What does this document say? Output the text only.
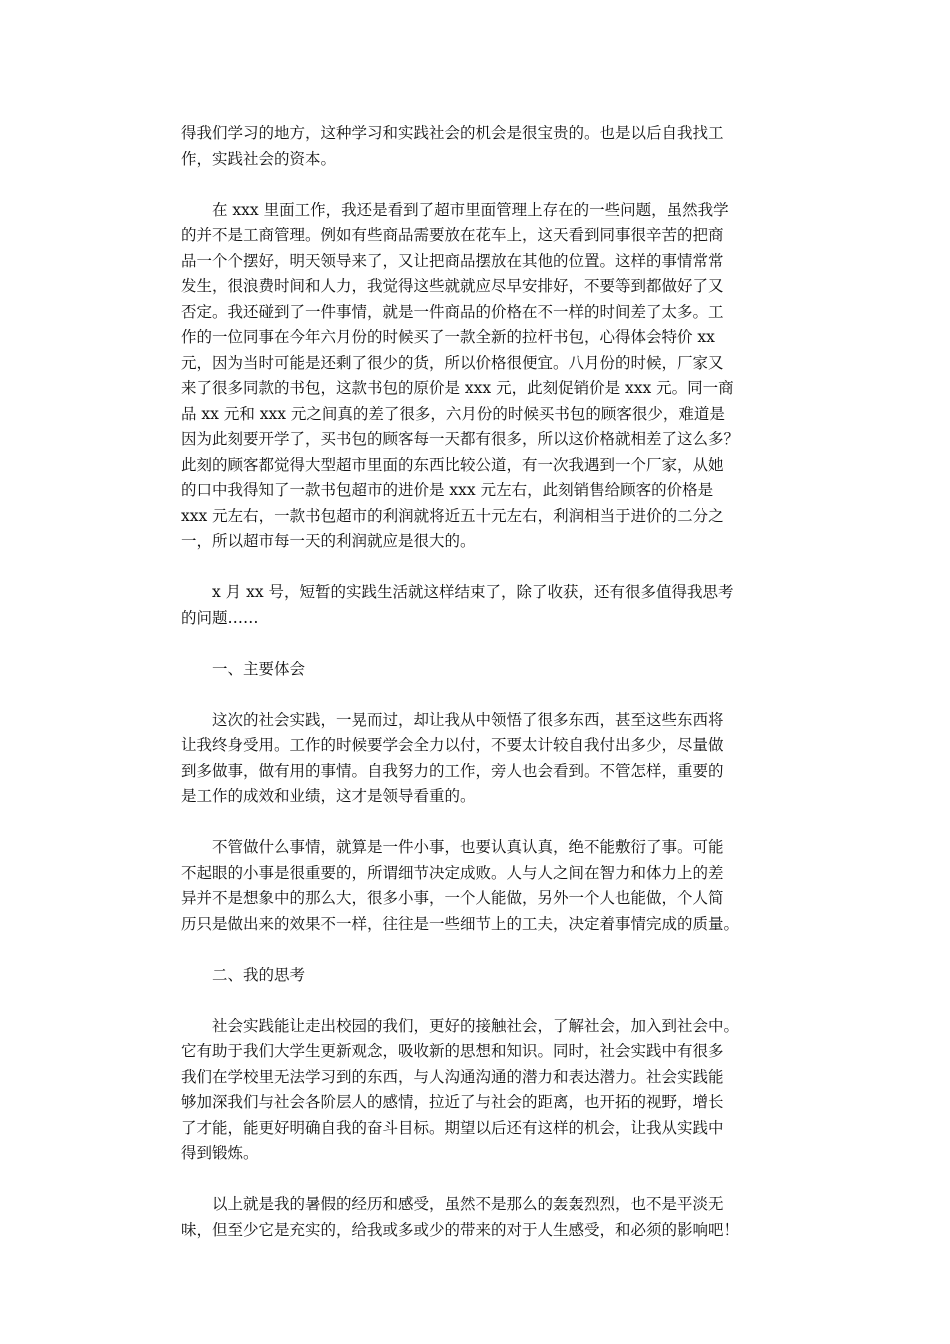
得我们学习的地方，这种学习和实践社会的机会是很宝贵的。也是以后自我找工
作，实践社会的资本。

　　在 xxx 里面工作，我还是看到了超市里面管理上存在的一些问题，虽然我学
的并不是工商管理。例如有些商品需要放在花车上，这天看到同事很辛苦的把商
品一个个摆好，明天领导来了，又让把商品摆放在其他的位置。这样的事情常常
发生，很浪费时间和人力，我觉得这些就就应尽早安排好，不要等到都做好了又
否定。我还碰到了一件事情，就是一件商品的价格在不一样的时间差了太多。工
作的一位同事在今年六月份的时候买了一款全新的拉杆书包，心得体会特价 xx
元，因为当时可能是还剩了很少的货，所以价格很便宜。八月份的时候，厂家又
来了很多同款的书包，这款书包的原价是 xxx 元，此刻促销价是 xxx 元。同一商
品 xx 元和 xxx 元之间真的差了很多，六月份的时候买书包的顾客很少，难道是
因为此刻要开学了，买书包的顾客每一天都有很多，所以这价格就相差了这么多？
此刻的顾客都觉得大型超市里面的东西比较公道，有一次我遇到一个厂家，从她
的口中我得知了一款书包超市的进价是 xxx 元左右，此刻销售给顾客的价格是
xxx 元左右，一款书包超市的利润就将近五十元左右，利润相当于进价的二分之
一，所以超市每一天的利润就应是很大的。

　　x 月 xx 号，短暂的实践生活就这样结束了，除了收获，还有很多值得我思考
的问题……

　　一、主要体会

　　这次的社会实践，一晃而过，却让我从中领悟了很多东西，甚至这些东西将
让我终身受用。工作的时候要学会全力以付，不要太计较自我付出多少，尽量做
到多做事，做有用的事情。自我努力的工作，旁人也会看到。不管怎样，重要的
是工作的成效和业绩，这才是领导看重的。

　　不管做什么事情，就算是一件小事，也要认真认真，绝不能敷衍了事。可能
不起眼的小事是很重要的，所谓细节决定成败。人与人之间在智力和体力上的差
异并不是想象中的那么大，很多小事，一个人能做，另外一个人也能做，个人简
历只是做出来的效果不一样，往往是一些细节上的工夫，决定着事情完成的质量。

　　二、我的思考

　　社会实践能让走出校园的我们，更好的接触社会，了解社会，加入到社会中。
它有助于我们大学生更新观念，吸收新的思想和知识。同时，社会实践中有很多
我们在学校里无法学习到的东西，与人沟通沟通的潜力和表达潜力。社会实践能
够加深我们与社会各阶层人的感情，拉近了与社会的距离，也开拓的视野，增长
了才能，能更好明确自我的奋斗目标。期望以后还有这样的机会，让我从实践中
得到锻炼。

　　以上就是我的暑假的经历和感受，虽然不是那么的轰轰烈烈，也不是平淡无
味，但至少它是充实的，给我或多或少的带来的对于人生感受，和必须的影响吧！
